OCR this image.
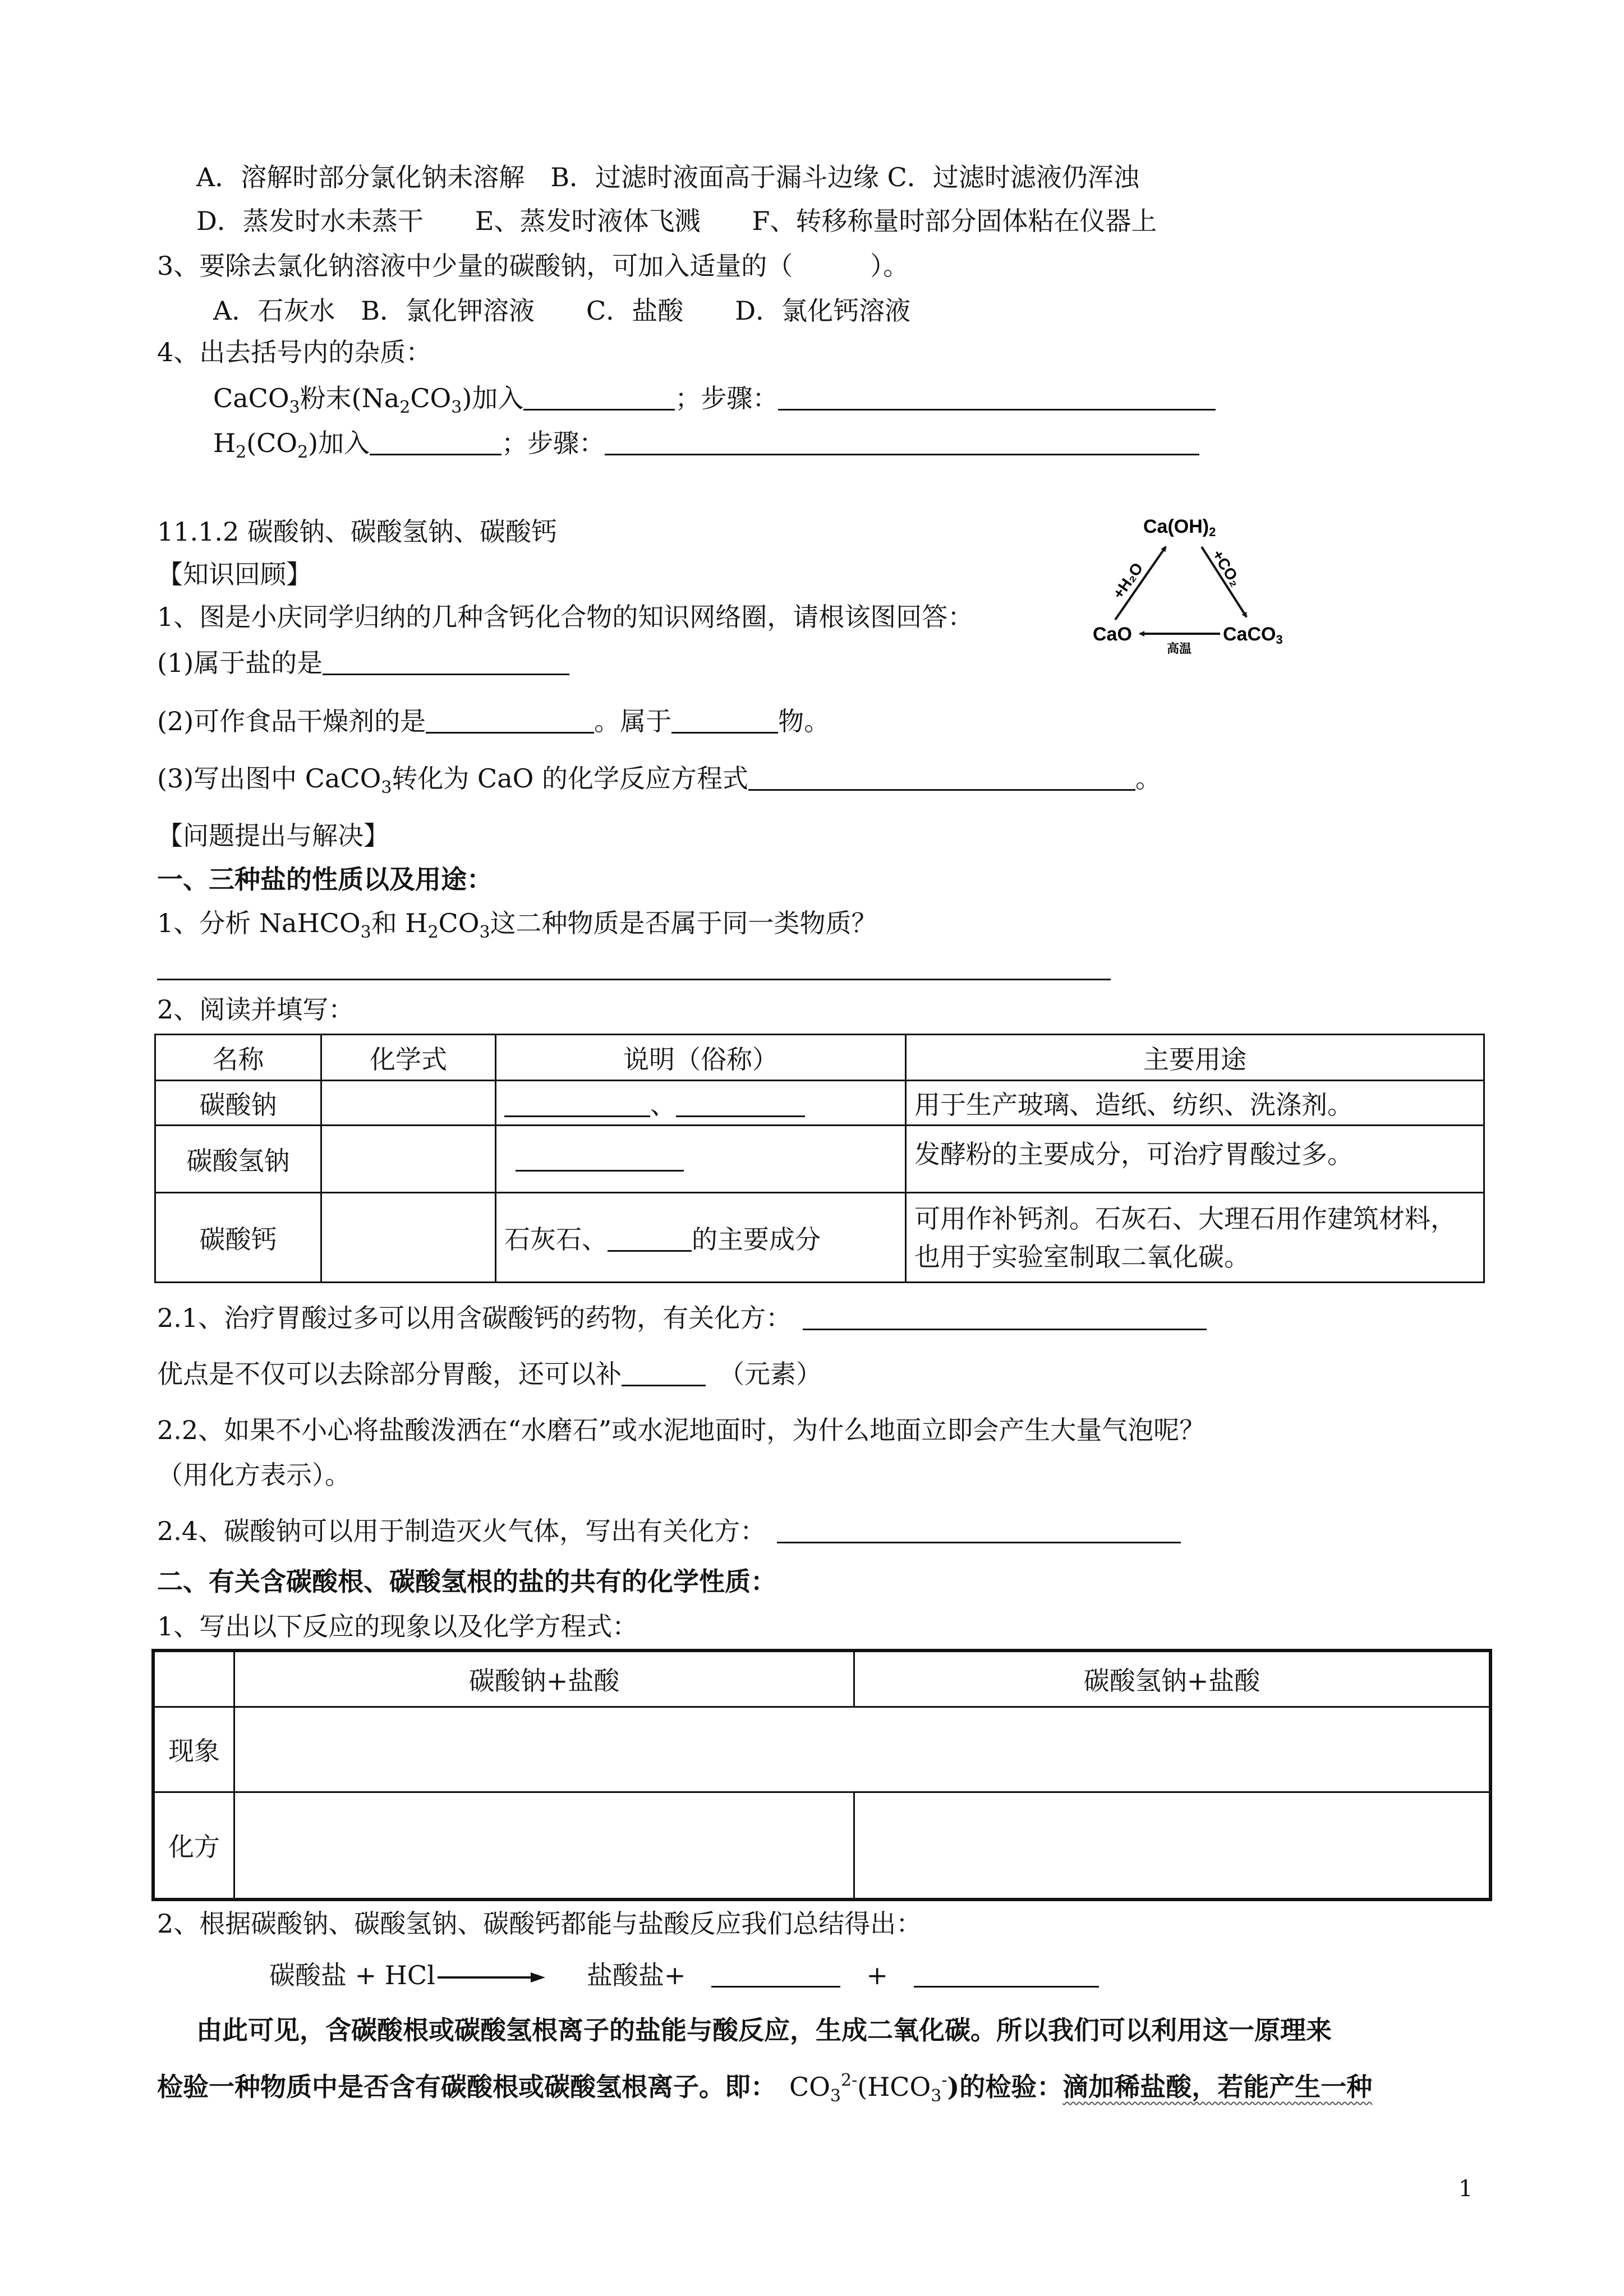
A．溶解时部分氯化钠未溶解　B．过滤时液面高于漏斗边缘 C．过滤时滤液仍浑浊
D．蒸发时水未蒸干　　E、蒸发时液体飞溅　　F、转移称量时部分固体粘在仪器上
3、要除去氯化钠溶液中少量的碳酸钠，可加入适量的（　　　）。
A．石灰水　B．氯化钾溶液　　C．盐酸　　D．氯化钙溶液
4、出去括号内的杂质：
CaCO$_3$粉末$(Na_2CO_3)$加入	；步骤：
$H_2(CO_2)$加入	；步骤：
11.1.2 碳酸钠、碳酸氢钠、碳酸钙
【知识回顾】
1、图是小庆同学归纳的几种含钙化合物的知识网络圈，请根该图回答：
(1)属于盐的是
(2)可作食品干燥剂的是	。属于	物。
(3)写出图中 CaCO$_3$转化为 CaO 的化学反应方程式	。
Ca(OH)2
CaO	CaCO3
+H₂O	+CO₂
高温
【问题提出与解决】
一、三种盐的性质以及用途：
1、分析 NaHCO$_3$和 $H_2CO_3$这二种物质是否属于同一类物质？
2、阅读并填写：
名称	化学式	说明（俗称）	主要用途
碳酸钠		、	用于生产玻璃、造纸、纺织、洗涤剂。
碳酸氢钠			发酵粉的主要成分，可治疗胃酸过多。
碳酸钙		石灰石、 的主要成分	可用作补钙剂。石灰石、大理石用作建筑材料，
也用于实验室制取二氧化碳。
2.1、治疗胃酸过多可以用含碳酸钙的药物，有关化方：
优点是不仅可以去除部分胃酸，还可以补　	（元素）
2.2、如果不小心将盐酸泼洒在“水磨石”或水泥地面时，为什么地面立即会产生大量气泡呢？
（用化方表示）。
2.4、碳酸钠可以用于制造灭火气体，写出有关化方：
二、有关含碳酸根、碳酸氢根的盐的共有的化学性质：
1、写出以下反应的现象以及化学方程式：
	碳酸钠+盐酸	碳酸氢钠+盐酸
现象		
化方		
2、根据碳酸钠、碳酸氢钠、碳酸钙都能与盐酸反应我们总结得出：
碳酸盐 + HCl	盐酸盐+　　	+　
由此可见，含碳酸根或碳酸氢根离子的盐能与酸反应，生成二氧化碳。所以我们可以利用这一原理来
检验一种物质中是否含有碳酸根或碳酸氢根离子。即：　 $CO_3^{2-}(HCO_3^-)$的检验：滴加稀盐酸，若能产生一种
1
